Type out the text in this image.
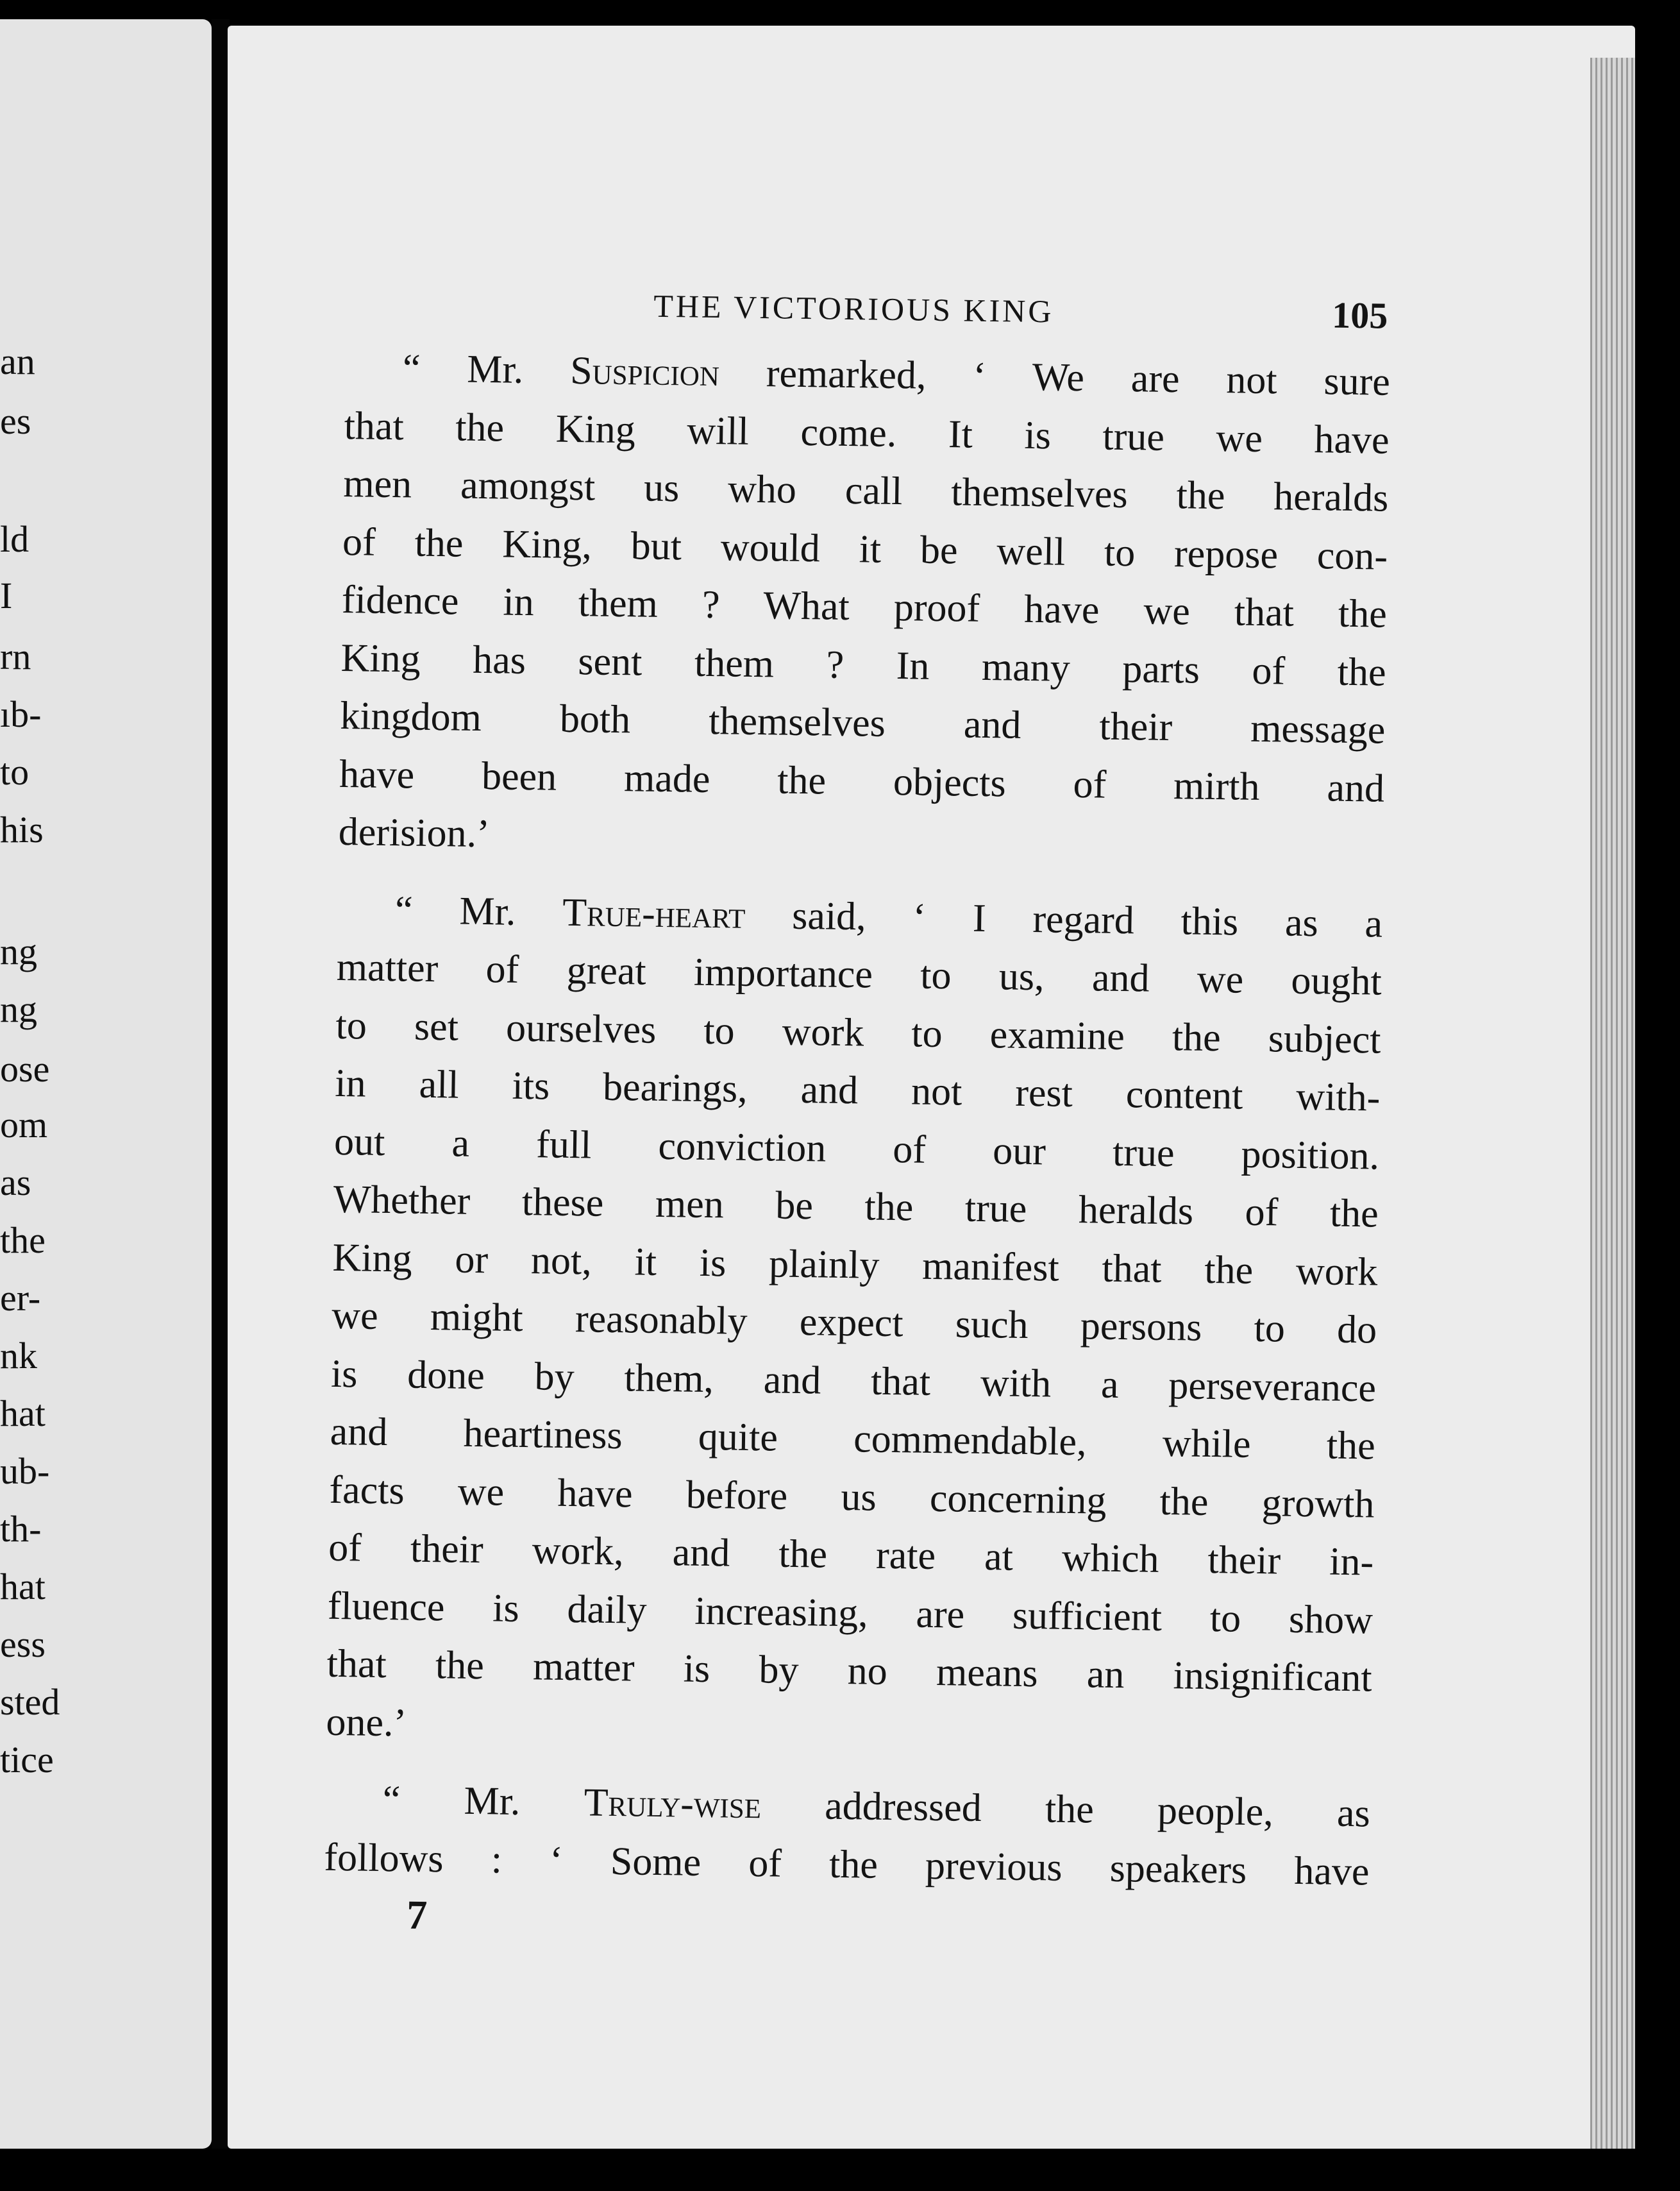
an
es
ld
I
rn
ıb-
to
his
ng
ng
ose
om
as
the
er-
nk
hat
ub-
th-
hat
ess
sted
tice
THE VICTORIOUS KING	105
“ Mr. Suspicion remarked, ‘ We are not sure
that the King will come. It is true we have
men amongst us who call themselves the heralds
of the King, but would it be well to repose con-
fidence in them ? What proof have we that the
King has sent them ? In many parts of the
kingdom both themselves and their message
have been made the objects of mirth and
derision.’
“ Mr. True-heart said, ‘ I regard this as a
matter of great importance to us, and we ought
to set ourselves to work to examine the subject
in all its bearings, and not rest content with-
out a full conviction of our true position.
Whether these men be the true heralds of the
King or not, it is plainly manifest that the work
we might reasonably expect such persons to do
is done by them, and that with a perseverance
and heartiness quite commendable, while the
facts we have before us concerning the growth
of their work, and the rate at which their in-
fluence is daily increasing, are sufficient to show
that the matter is by no means an insignificant
one.’
“ Mr. Truly-wise addressed the people, as
follows : ‘ Some of the previous speakers have
7
